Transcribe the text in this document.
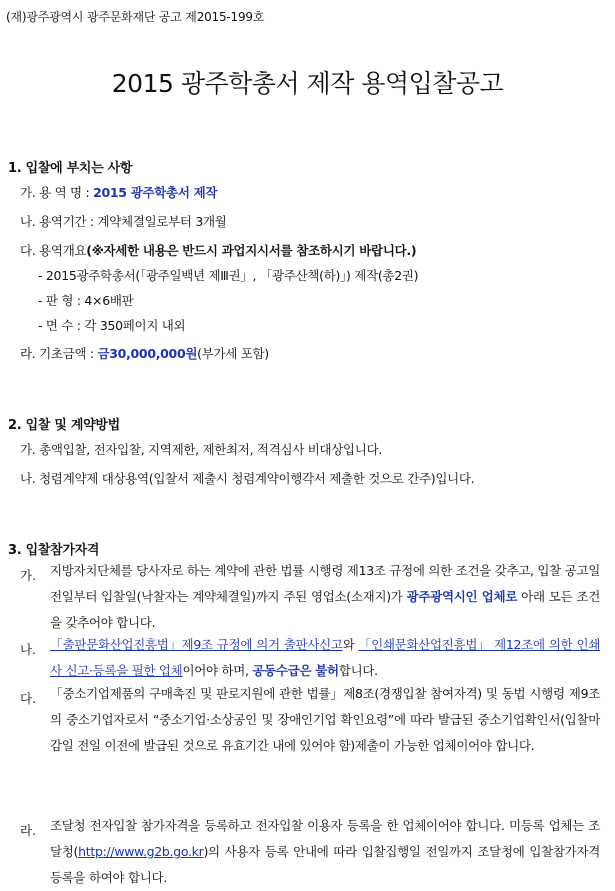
(재)광주광역시 광주문화재단 공고 제2015-199호
2015 광주학총서 제작 용역입찰공고
1. 입찰에 부치는 사항
가. 용 역 명 : 2015 광주학총서 제작
나. 용역기간 : 계약체결일로부터 3개월
다. 용역개요(※자세한 내용은 반드시 과업지시서를 참조하시기 바랍니다.)
- 2015광주학총서(「광주일백년 제Ⅲ권」, 「광주산책(하)」) 제작(총2권)
- 판 형 : 4×6배판
- 면 수 : 각 350페이지 내외
라. 기초금액 : 금30,000,000원(부가세 포함)
2. 입찰 및 계약방법
가. 총액입찰, 전자입찰, 지역제한, 제한최저, 적격심사 비대상입니다.
나. 청렴계약제 대상용역(입찰서 제출시 청렴계약이행각서 제출한 것으로 간주)입니다.
3. 입찰참가자격
가. 지방자치단체를 당사자로 하는 계약에 관한 법률 시행령 제13조 규정에 의한 조건을 갖추고, 입찰 공고일 전일부터 입찰일(낙찰자는 계약체결일)까지 주된 영업소(소재지)가 광주광역시인 업체로 아래 모든 조건을 갖추어야 합니다.
나. 「출판문화산업진흥법」제9조 규정에 의거 출판사신고와 「인쇄문화산업진흥법」 제12조에 의한 인쇄사 신고·등록을 필한 업체이어야 하며, 공동수급은 불허합니다.
다. 「중소기업제품의 구매촉진 및 판로지원에 관한 법률」제8조(경쟁입찰 참여자격) 및 동법 시행령 제9조의 중소기업자로서 “중소기업·소상공인 및 장애인기업 확인요령”에 따라 발급된 중소기업확인서(입찰마감일 전일 이전에 발급된 것으로 유효기간 내에 있어야 함)제출이 가능한 업체이어야 합니다.
라. 조달청 전자입찰 참가자격을 등록하고 전자입찰 이용자 등록을 한 업체이어야 합니다. 미등록 업체는 조달청(http://www.g2b.go.kr)의 사용자 등록 안내에 따라 입찰집행일 전일까지 조달청에 입찰참가자격 등록을 하여야 합니다.
